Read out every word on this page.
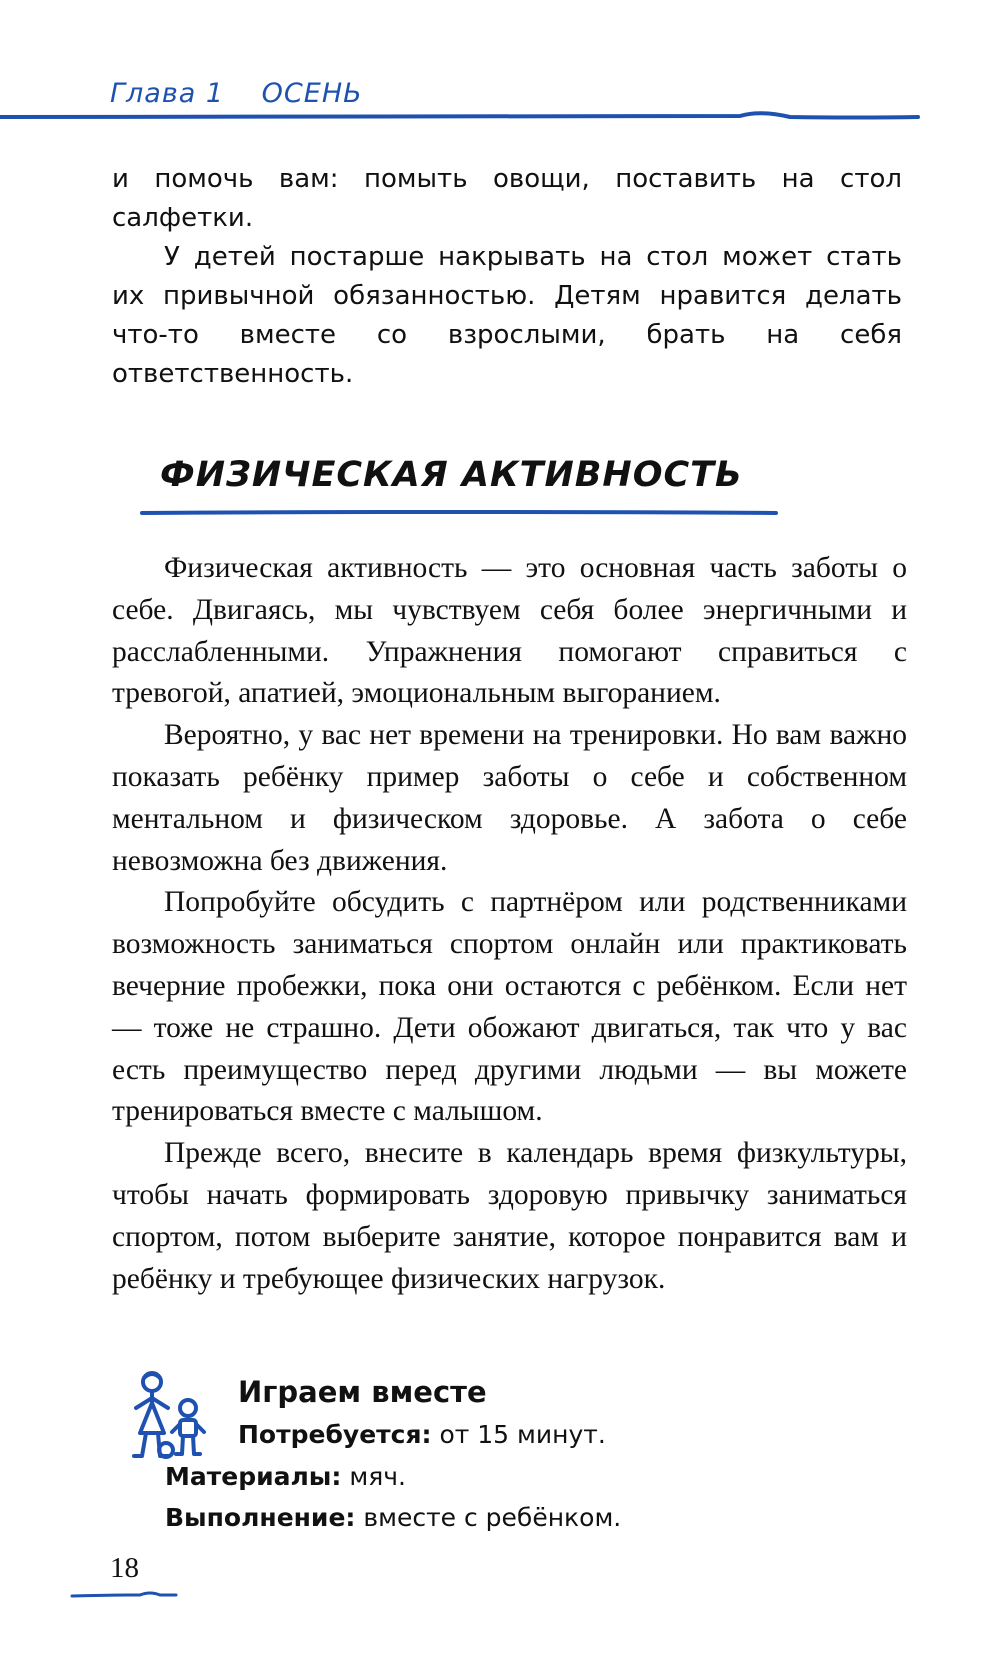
Глава 1 ОСЕНЬ

и помочь вам: помыть овощи, поставить на стол салфетки.

У детей постарше накрывать на стол может стать их привычной обязанностью. Детям нравится делать что-то вместе со взрослыми, брать на себя ответственность.

ФИЗИЧЕСКАЯ АКТИВНОСТЬ

Физическая активность — это основная часть заботы о себе. Двигаясь, мы чувствуем себя более энергичными и расслабленными. Упражнения помогают справиться с тревогой, апатией, эмоциональным выгоранием.

Вероятно, у вас нет времени на тренировки. Но вам важно показать ребёнку пример заботы о себе и собственном ментальном и физическом здоровье. А забота о себе невозможна без движения.

Попробуйте обсудить с партнёром или родственниками возможность заниматься спортом онлайн или практиковать вечерние пробежки, пока они остаются с ребёнком. Если нет — тоже не страшно. Дети обожают двигаться, так что у вас есть преимущество перед другими людьми — вы можете тренироваться вместе с малышом.

Прежде всего, внесите в календарь время физкультуры, чтобы начать формировать здоровую привычку заниматься спортом, потом выберите занятие, которое понравится вам и ребёнку и требующее физических нагрузок.

Играем вместе
Потребуется: от 15 минут.
Материалы: мяч.
Выполнение: вместе с ребёнком.
18
